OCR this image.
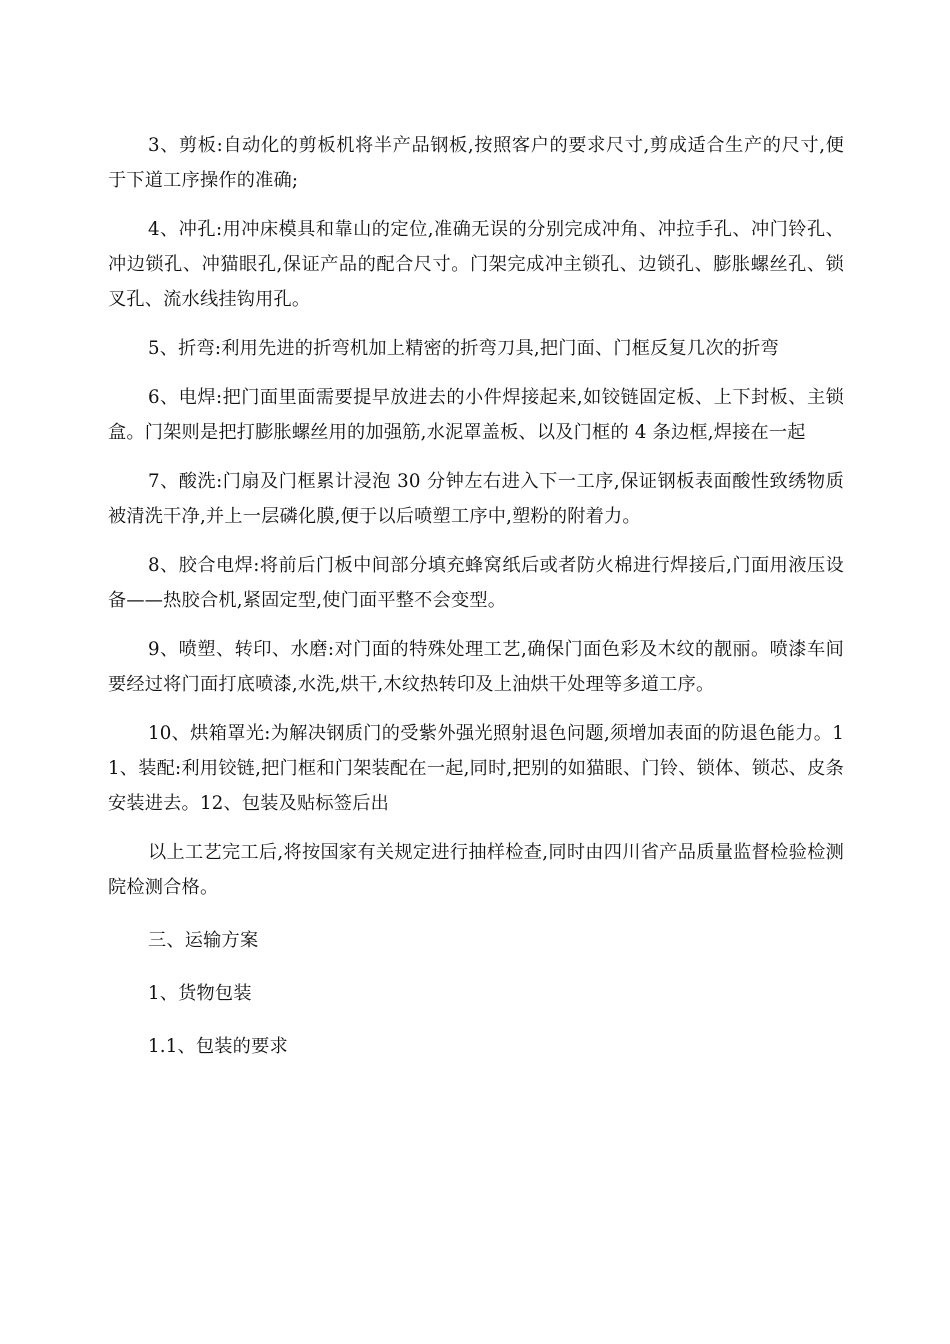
3、剪板:自动化的剪板机将半产品钢板,按照客户的要求尺寸,剪成适合生产的尺寸,便于下道工序操作的准确;

4、冲孔:用冲床模具和靠山的定位,准确无误的分别完成冲角、冲拉手孔、冲门铃孔、冲边锁孔、冲猫眼孔,保证产品的配合尺寸。门架完成冲主锁孔、边锁孔、膨胀螺丝孔、锁叉孔、流水线挂钩用孔。

5、折弯:利用先进的折弯机加上精密的折弯刀具,把门面、门框反复几次的折弯

6、电焊:把门面里面需要提早放进去的小件焊接起来,如铰链固定板、上下封板、主锁盒。门架则是把打膨胀螺丝用的加强筋,水泥罩盖板、以及门框的 4 条边框,焊接在一起

7、酸洗:门扇及门框累计浸泡 30 分钟左右进入下一工序,保证钢板表面酸性致绣物质被清洗干净,并上一层磷化膜,便于以后喷塑工序中,塑粉的附着力。

8、胶合电焊:将前后门板中间部分填充蜂窝纸后或者防火棉进行焊接后,门面用液压设备——热胶合机,紧固定型,使门面平整不会变型。

9、喷塑、转印、水磨:对门面的特殊处理工艺,确保门面色彩及木纹的靓丽。喷漆车间要经过将门面打底喷漆,水洗,烘干,木纹热转印及上油烘干处理等多道工序。

10、烘箱罩光:为解决钢质门的受紫外强光照射退色问题,须增加表面的防退色能力。11、装配:利用铰链,把门框和门架装配在一起,同时,把别的如猫眼、门铃、锁体、锁芯、皮条安装进去。12、包装及贴标签后出

以上工艺完工后,将按国家有关规定进行抽样检查,同时由四川省产品质量监督检验检测院检测合格。

三、运输方案

1、货物包装

1.1、包装的要求
